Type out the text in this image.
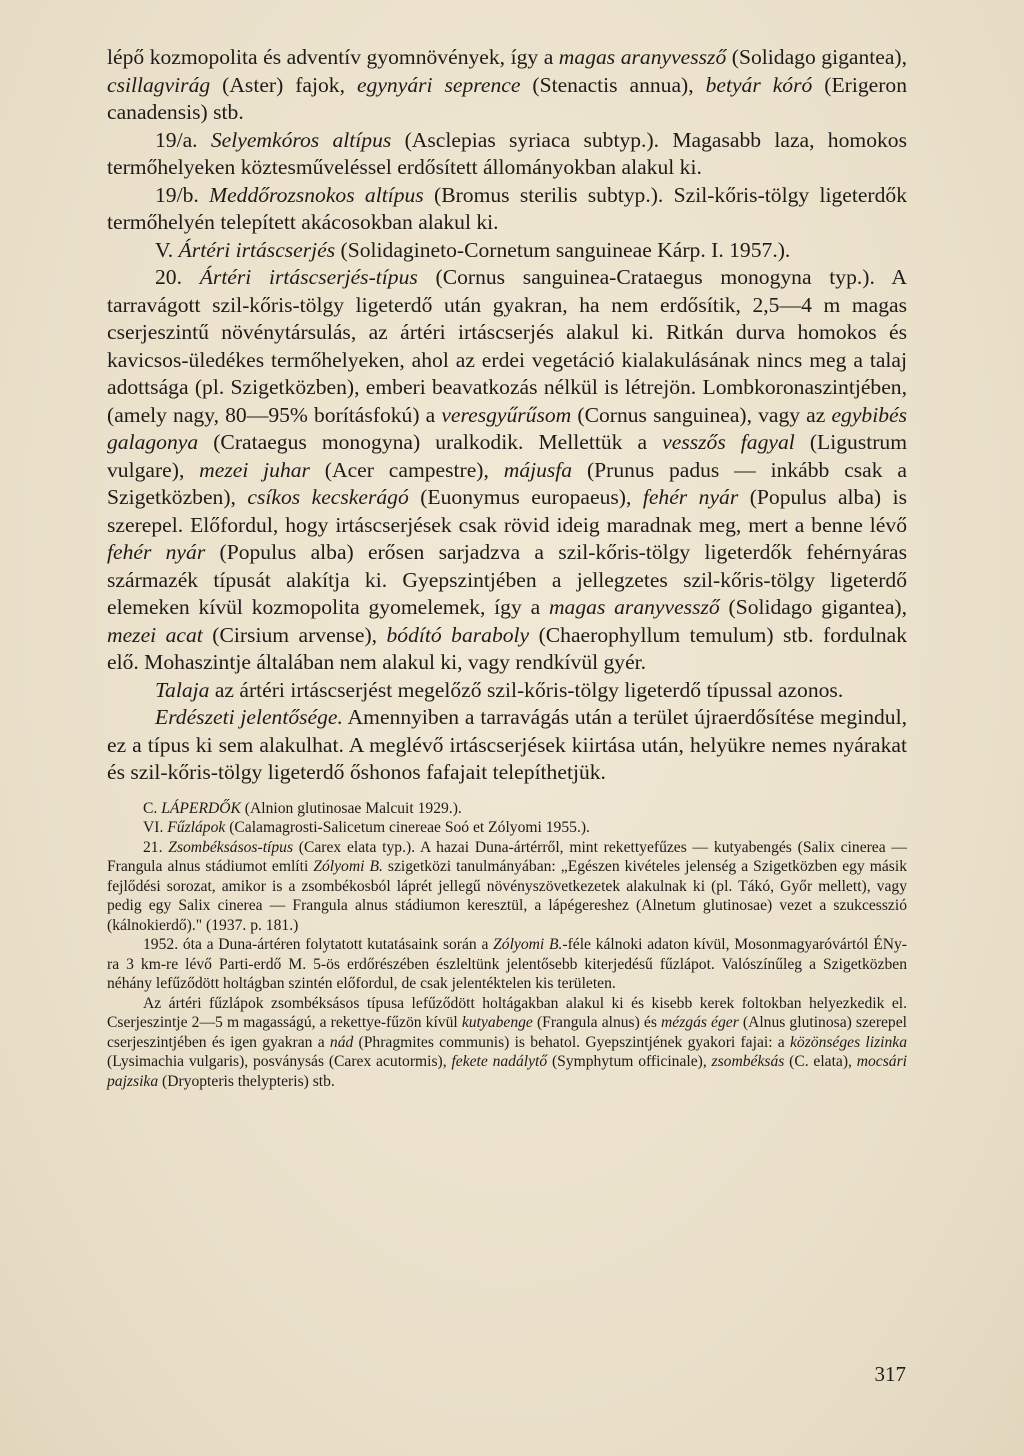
lépő kozmopolita és adventív gyomnövények, így a magas aranyvessző (Solidago gigantea), csillagvirág (Aster) fajok, egynyári seprence (Stenactis annua), betyár kóró (Erigeron canadensis) stb.

19/a. Selyemkóros altípus (Asclepias syriaca subtyp.). Magasabb laza, homokos termőhelyeken köztesműveléssel erdősített állományokban alakul ki.

19/b. Meddőrozsnokos altípus (Bromus sterilis subtyp.). Szil-kőris-tölgy ligeterdők termőhelyén telepített akácosokban alakul ki.

V. Ártéri irtáscserjés (Solidagineto-Cornetum sanguineae Kárp. I. 1957.).

20. Ártéri irtáscserjés-típus (Cornus sanguinea-Crataegus monogyna typ.). A tarravágott szil-kőris-tölgy ligeterdő után gyakran, ha nem erdősítik, 2,5—4 m magas cserjeszintű növénytársulás, az ártéri irtáscserjés alakul ki. Ritkán durva homokos és kavicsos-üledékes termőhelyeken, ahol az erdei vegetáció kialakulásának nincs meg a talaj adottsága (pl. Szigetközben), emberi beavatkozás nélkül is létrejön. Lombkoronaszintjében, (amely nagy, 80—95% borításfokú) a veresgyűrűsom (Cornus sanguinea), vagy az egybibés galagonya (Crataegus monogyna) uralkodik. Mellettük a vesszős fagyal (Ligustrum vulgare), mezei juhar (Acer campestre), májusfa (Prunus padus — inkább csak a Szigetközben), csíkos kecskerágó (Euonymus europaeus), fehér nyár (Populus alba) is szerepel. Előfordul, hogy irtáscserjések csak rövid ideig maradnak meg, mert a benne lévő fehér nyár (Populus alba) erősen sarjadzva a szil-kőris-tölgy ligeterdők fehérnyáras származék típusát alakítja ki. Gyepszintjében a jellegzetes szil-kőris-tölgy ligeterdő elemeken kívül kozmopolita gyomelemek, így a magas aranyvessző (Solidago gigantea), mezei acat (Cirsium arvense), bódító baraboly (Chaerophyllum temulum) stb. fordulnak elő. Mohaszintje általában nem alakul ki, vagy rendkívül gyér.

Talaja az ártéri irtáscserjést megelőző szil-kőris-tölgy ligeterdő típussal azonos.

Erdészeti jelentősége. Amennyiben a tarravágás után a terület újraerdősítése megindul, ez a típus ki sem alakulhat. A meglévő irtáscserjések kiirtása után, helyükre nemes nyárakat és szil-kőris-tölgy ligeterdő őshonos fafajait telepíthetjük.

C. LÁPERDŐK (Alnion glutinosae Malcuit 1929.).

VI. Fűzlápok (Calamagrosti-Salicetum cinereae Soó et Zólyomi 1955.).

21. Zsombéksásos-típus (Carex elata typ.). A hazai Duna-ártérről, mint rekettyefűzes — kutyabengés (Salix cinerea — Frangula alnus stádiumot említi Zólyomi B. szigetközi tanulmányában: „Egészen kivételes jelenség a Szigetközben egy másik fejlődési sorozat, amikor is a zsombékosból láprét jellegű növényszövetkezetek alakulnak ki (pl. Tákó, Győr mellett), vagy pedig egy Salix cinerea — Frangula alnus stádiumon keresztül, a lápégereshez (Alnetum glutinosae) vezet a szukcesszió (kálnokierdő)." (1937. p. 181.)

1952. óta a Duna-ártéren folytatott kutatásaink során a Zólyomi B.-féle kálnoki adaton kívül, Mosonmagyaróvártól ÉNy-ra 3 km-re lévő Parti-erdő M. 5-ös erdőrészében észleltünk jelentősebb kiterjedésű fűzlápot. Valószínűleg a Szigetközben néhány lefűződött holtágban szintén előfordul, de csak jelentéktelen kis területen.

Az ártéri fűzlápok zsombéksásos típusa lefűződött holtágakban alakul ki és kisebb kerek foltokban helyezkedik el. Cserjeszintje 2—5 m magasságú, a rekettye-fűzön kívül kutyabenge (Frangula alnus) és mézgás éger (Alnus glutinosa) szerepel cserjeszintjében és igen gyakran a nád (Phragmites communis) is behatol. Gyepszintjének gyakori fajai: a közönséges lizinka (Lysimachia vulgaris), posványsás (Carex acutormis), fekete nadálytő (Symphytum officinale), zsombéksás (C. elata), mocsári pajzsika (Dryopteris thelypteris) stb.

317
